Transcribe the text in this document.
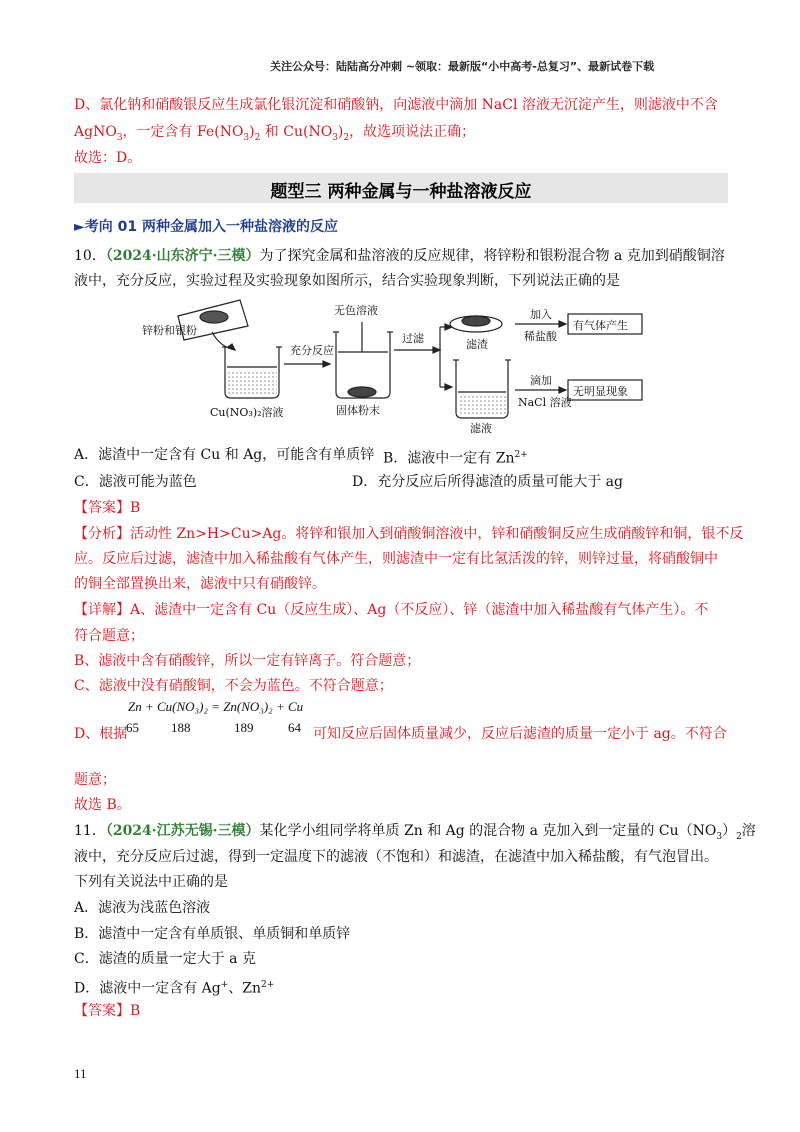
关注公众号：陆陆高分冲刺 ~领取：最新版“小中高考-总复习”、最新试卷下载
D、氯化钠和硝酸银反应生成氯化银沉淀和硝酸钠，向滤液中滴加 NaCl 溶液无沉淀产生，则滤液中不含
AgNO$_3$，一定含有 $Fe(NO_3)_2$ 和 $Cu(NO_3)_2$，故选项说法正确；
故选：D。
题型三 两种金属与一种盐溶液反应
►考向 01 两种金属加入一种盐溶液的反应
10．（2024·山东济宁·三模）为了探究金属和盐溶液的反应规律，将锌粉和银粉混合物 a 克加到硝酸铜溶
液中，充分反应，实验过程及实验现象如图所示，结合实验现象判断，下列说法正确的是
锌粉和银粉
Cu(NO₃)₂溶液
充分反应
无色溶液
固体粉末
过滤	滤渣
滤液
加入
稀盐酸
有气体产生
滴加
NaCl 溶液
无明显现象
A．滤渣中一定含有 Cu 和 Ag，可能含有单质锌 B．滤液中一定有 $Zn^{2+}$
C．滤液可能为蓝色	D．充分反应后所得滤渣的质量可能大于 ag
【答案】B
【分析】活动性 Zn>H>Cu>Ag。将锌和银加入到硝酸铜溶液中，锌和硝酸铜反应生成硝酸锌和铜，银不反
应。反应后过滤，滤渣中加入稀盐酸有气体产生，则滤渣中一定有比氢活泼的锌，则锌过量，将硝酸铜中
的铜全部置换出来，滤液中只有硝酸锌。
【详解】A、滤渣中一定含有 Cu（反应生成）、Ag（不反应）、锌（滤渣中加入稀盐酸有气体产生）。不
符合题意；
B、滤液中含有硝酸锌，所以一定有锌离子。符合题意；
C、滤液中没有硝酸铜，不会为蓝色。不符合题意；
Zn + Cu(NO₃)₂ = Zn(NO₃)₂ + Cu
D、根据
65 188	189	64 可知反应后固体质量减少，反应后滤渣的质量一定小于 ag。不符合
题意；
故选 B。
11．（2024·江苏无锡·三模）某化学小组同学将单质 Zn 和 Ag 的混合物 a 克加入到一定量的 $Cu(NO_3)_2$溶
液中，充分反应后过滤，得到一定温度下的滤液（不饱和）和滤渣，在滤渣中加入稀盐酸，有气泡冒出。
下列有关说法中正确的是
A．滤液为浅蓝色溶液
B．滤渣中一定含有单质银、单质铜和单质锌
C．滤渣的质量一定大于 a 克
D．滤液中一定含有 Ag+、$Zn^{2+}$
【答案】B
11
